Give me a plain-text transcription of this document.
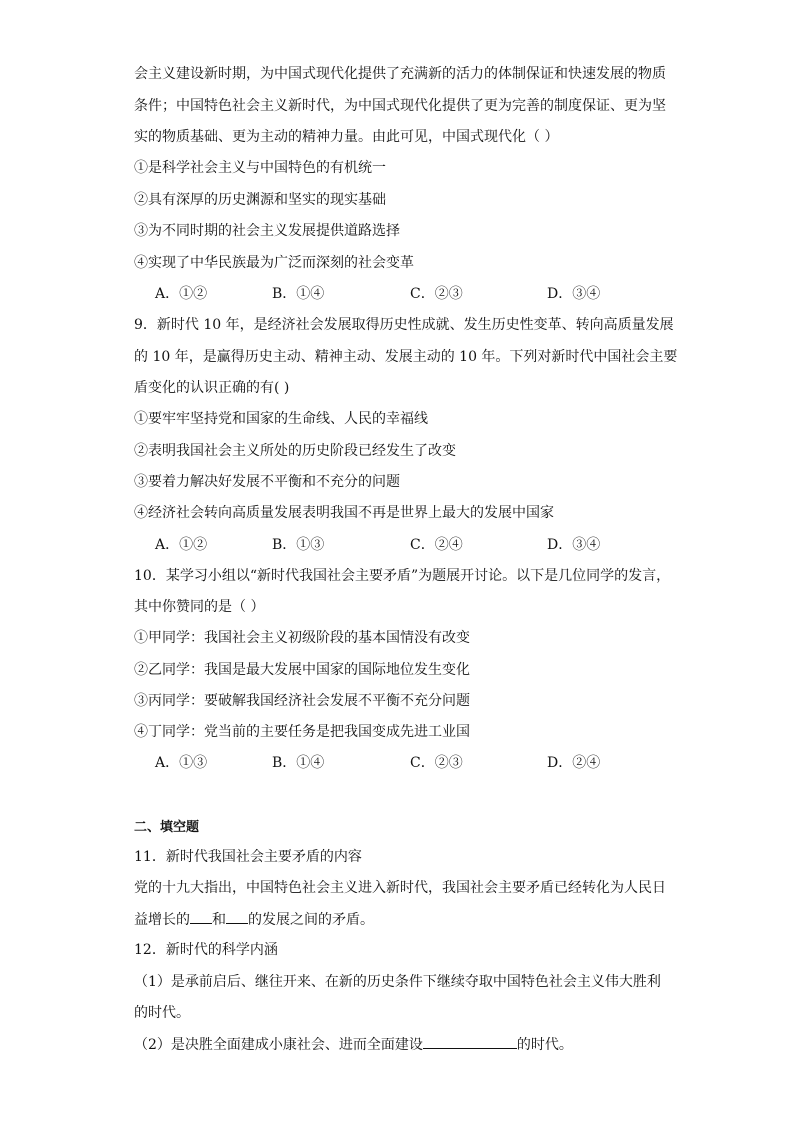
会主义建设新时期，为中国式现代化提供了充满新的活力的体制保证和快速发展的物质
条件；中国特色社会主义新时代，为中国式现代化提供了更为完善的制度保证、更为坚
实的物质基础、更为主动的精神力量。由此可见，中国式现代化（ ）
①是科学社会主义与中国特色的有机统一
②具有深厚的历史渊源和坚实的现实基础
③为不同时期的社会主义发展提供道路选择
④实现了中华民族最为广泛而深刻的社会变革
A．①②	B．①④	C．②③	D．③④
9．新时代 10 年，是经济社会发展取得历史性成就、发生历史性变革、转向高质量发展
的 10 年，是赢得历史主动、精神主动、发展主动的 10 年。下列对新时代中国社会主要
盾变化的认识正确的有( )
①要牢牢坚持党和国家的生命线、人民的幸福线
②表明我国社会主义所处的历史阶段已经发生了改变
③要着力解决好发展不平衡和不充分的问题
④经济社会转向高质量发展表明我国不再是世界上最大的发展中国家
A．①②	B．①③	C．②④	D．③④
10．某学习小组以“新时代我国社会主要矛盾”为题展开讨论。以下是几位同学的发言，
其中你赞同的是（ ）
①甲同学：我国社会主义初级阶段的基本国情没有改变
②乙同学：我国是最大发展中国家的国际地位发生变化
③丙同学：要破解我国经济社会发展不平衡不充分问题
④丁同学：党当前的主要任务是把我国变成先进工业国
A．①③	B．①④	C．②③	D．②④
二、填空题
11．新时代我国社会主要矛盾的内容
党的十九大指出，中国特色社会主义进入新时代，我国社会主要矛盾已经转化为人民日
益增长的 和 的发展之间的矛盾。
12．新时代的科学内涵
（1）是承前启后、继往开来、在新的历史条件下继续夺取中国特色社会主义伟大胜利
的时代。
（2）是决胜全面建成小康社会、进而全面建设	的时代。
